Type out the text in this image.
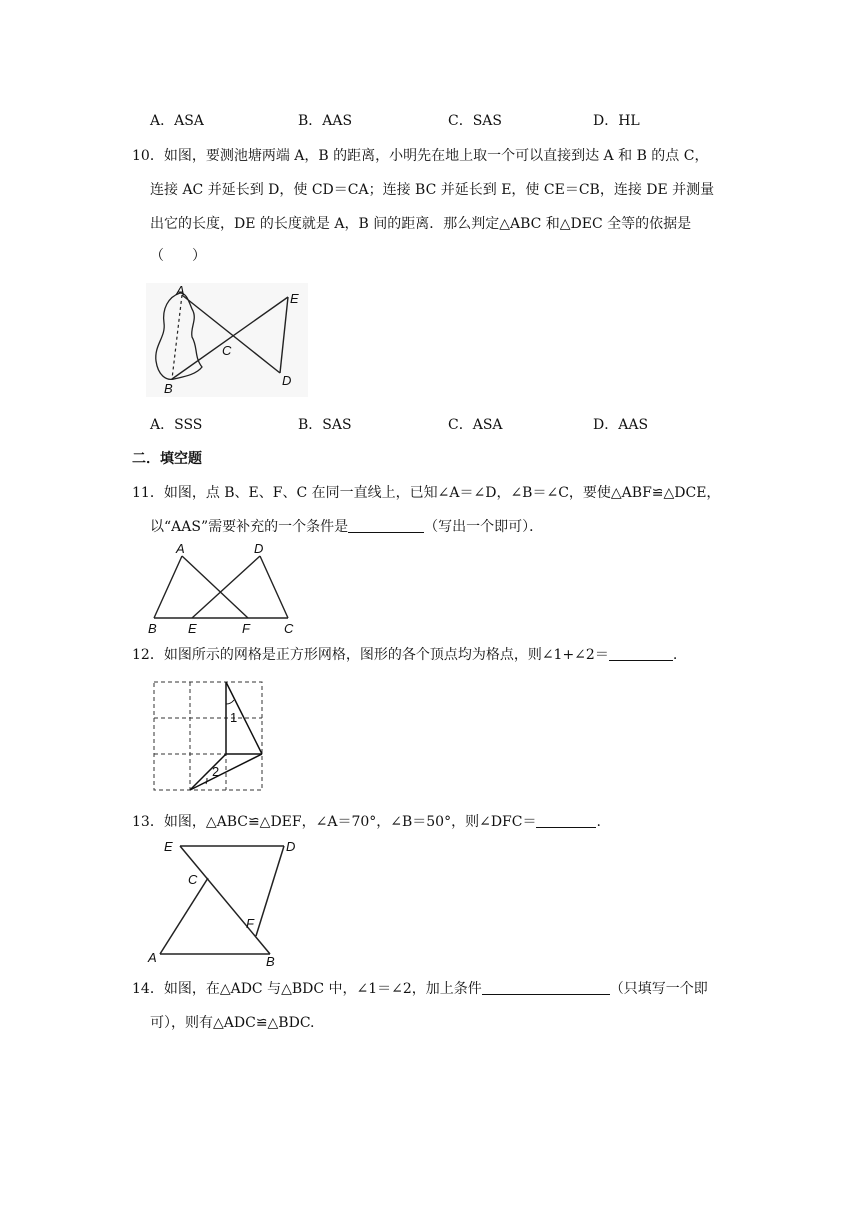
A．ASA	B．AAS	C．SAS	D．HL
10．如图，要测池塘两端 A，B 的距离，小明先在地上取一个可以直接到达 A 和 B 的点 C，
连接 AC 并延长到 D，使 CD＝CA；连接 BC 并延长到 E，使 CE＝CB，连接 DE 并测量
出它的长度，DE 的长度就是 A，B 间的距离．那么判定△ABC 和△DEC 全等的依据是
（　　）
A
B
C
D
E
A．SSS	B．SAS	C．ASA	D．AAS
二．填空题
11．如图，点 B、E、F、C 在同一直线上，已知∠A＝∠D，∠B＝∠C，要使△ABF≌△DCE，
以“AAS”需要补充的一个条件是	（写出一个即可）．
A	D
B E	F	C
12．如图所示的网格是正方形网格，图形的各个顶点均为格点，则∠1+∠2＝	.
1
2
13．如图，△ABC≌△DEF，∠A＝70°，∠B＝50°，则∠DFC＝	.
E	D
C
F
A	B
14．如图，在△ADC 与△BDC 中，∠1＝∠2，加上条件	（只填写一个即
可），则有△ADC≌△BDC.
